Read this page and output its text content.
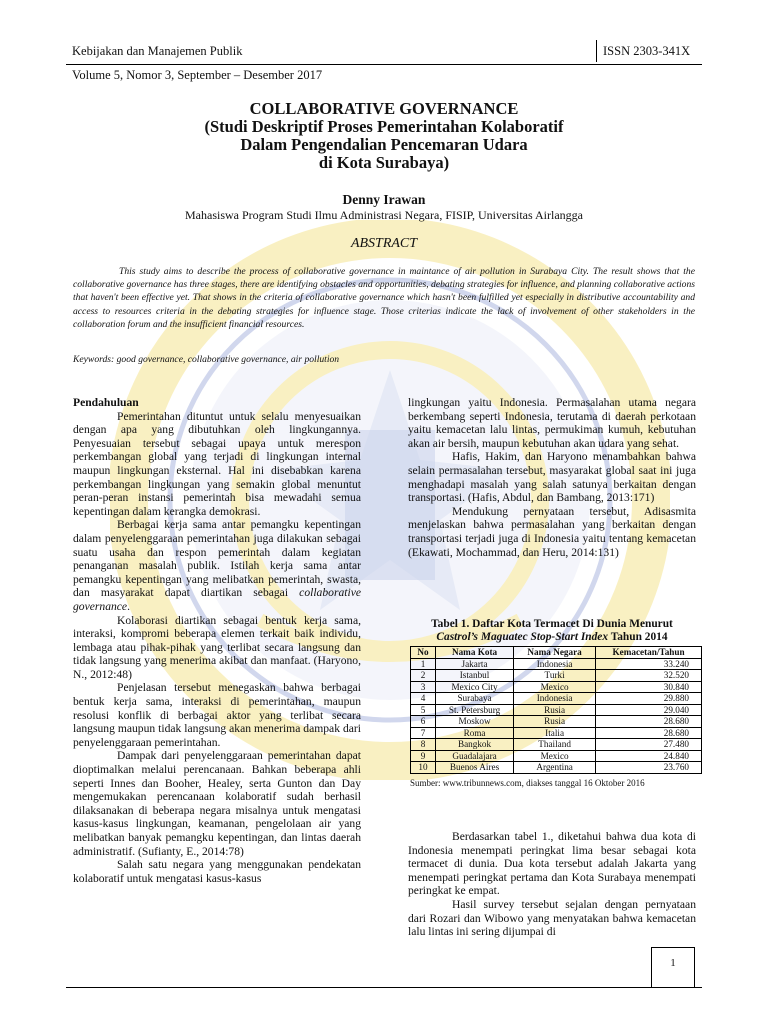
Kebijakan dan Manajemen Publik	ISSN 2303-341X
Volume 5, Nomor 3, September – Desember 2017
COLLABORATIVE GOVERNANCE
(Studi Deskriptif Proses Pemerintahan Kolaboratif
Dalam Pengendalian Pencemaran Udara
di Kota Surabaya)
Denny Irawan
Mahasiswa Program Studi Ilmu Administrasi Negara, FISIP, Universitas Airlangga
ABSTRACT

This study aims to describe the process of collaborative governance in maintance of air pollution in Surabaya City. The result shows that the collaborative governance has three stages, there are identifying obstacles and opportunities, debating strategies for influence, and planning collaborative actions that haven't been effective yet. That shows in the criteria of collaborative governance which hasn't been fulfilled yet especially in distributive accountability and access to resources criteria in the debating strategies for influence stage. Those criterias indicate the lack of involvement of other stakeholders in the collaboration forum and the insufficient financial resources.

Keywords: good governance, collaborative governance, air pollution
Pendahuluan

Pemerintahan dituntut untuk selalu menyesuaikan dengan apa yang dibutuhkan oleh lingkungannya. Penyesuaian tersebut sebagai upaya untuk merespon perkembangan global yang terjadi di lingkungan internal maupun lingkungan eksternal. Hal ini disebabkan karena perkembangan lingkungan yang semakin global menuntut peran-peran instansi pemerintah bisa mewadahi semua kepentingan dalam kerangka demokrasi.

Berbagai kerja sama antar pemangku kepentingan dalam penyelenggaraan pemerintahan juga dilakukan sebagai suatu usaha dan respon pemerintah dalam kegiatan penanganan masalah publik. Istilah kerja sama antar pemangku kepentingan yang melibatkan pemerintah, swasta, dan masyarakat dapat diartikan sebagai collaborative governance.

Kolaborasi diartikan sebagai bentuk kerja sama, interaksi, kompromi beberapa elemen terkait baik individu, lembaga atau pihak-pihak yang terlibat secara langsung dan tidak langsung yang menerima akibat dan manfaat. (Haryono, N., 2012:48)

Penjelasan tersebut menegaskan bahwa berbagai bentuk kerja sama, interaksi di pemerintahan, maupun resolusi konflik di berbagai aktor yang terlibat secara langsung maupun tidak langsung akan menerima dampak dari penyelenggaraan pemerintahan.

Dampak dari penyelenggaraan pemerintahan dapat dioptimalkan melalui perencanaan. Bahkan beberapa ahli seperti Innes dan Booher, Healey, serta Gunton dan Day mengemukakan perencanaan kolaboratif sudah berhasil dilaksanakan di beberapa negara misalnya untuk mengatasi kasus-kasus lingkungan, keamanan, pengelolaan air yang melibatkan banyak pemangku kepentingan, dan lintas daerah administratif. (Sufianty, E., 2014:78)

Salah satu negara yang menggunakan pendekatan kolaboratif untuk mengatasi kasus-kasus

lingkungan yaitu Indonesia. Permasalahan utama negara berkembang seperti Indonesia, terutama di daerah perkotaan yaitu kemacetan lalu lintas, permukiman kumuh, kebutuhan akan air bersih, maupun kebutuhan akan udara yang sehat.

Hafis, Hakim, dan Haryono menambahkan bahwa selain permasalahan tersebut, masyarakat global saat ini juga menghadapi masalah yang salah satunya berkaitan dengan transportasi. (Hafis, Abdul, dan Bambang, 2013:171)

Mendukung pernyataan tersebut, Adisasmita menjelaskan bahwa permasalahan yang berkaitan dengan transportasi terjadi juga di Indonesia yaitu tentang kemacetan (Ekawati, Mochammad, dan Heru, 2014:131)

Tabel 1. Daftar Kota Termacet Di Dunia Menurut
Castrol’s Maguatec Stop-Start Index Tahun 2014
No	Nama Kota	Nama Negara	Kemacetan/Tahun
1	Jakarta	Indonesia	33.240
2	Istanbul	Turki	32.520
3	Mexico City	Mexico	30.840
4	Surabaya	Indonesia	29.880
5	St. Petersburg	Rusia	29.040
6	Moskow	Rusia	28.680
7	Roma	Italia	28.680
8	Bangkok	Thailand	27.480
9	Guadalajara	Mexico	24.840
10	Buenos Aires	Argentina	23.760
Sumber: www.tribunnews.com, diakses tanggal 16 Oktober 2016

Berdasarkan tabel 1., diketahui bahwa dua kota di Indonesia menempati peringkat lima besar sebagai kota termacet di dunia. Dua kota tersebut adalah Jakarta yang menempati peringkat pertama dan Kota Surabaya menempati peringkat ke empat.

Hasil survey tersebut sejalan dengan pernyataan dari Rozari dan Wibowo yang menyatakan bahwa kemacetan lalu lintas ini sering dijumpai di

1
